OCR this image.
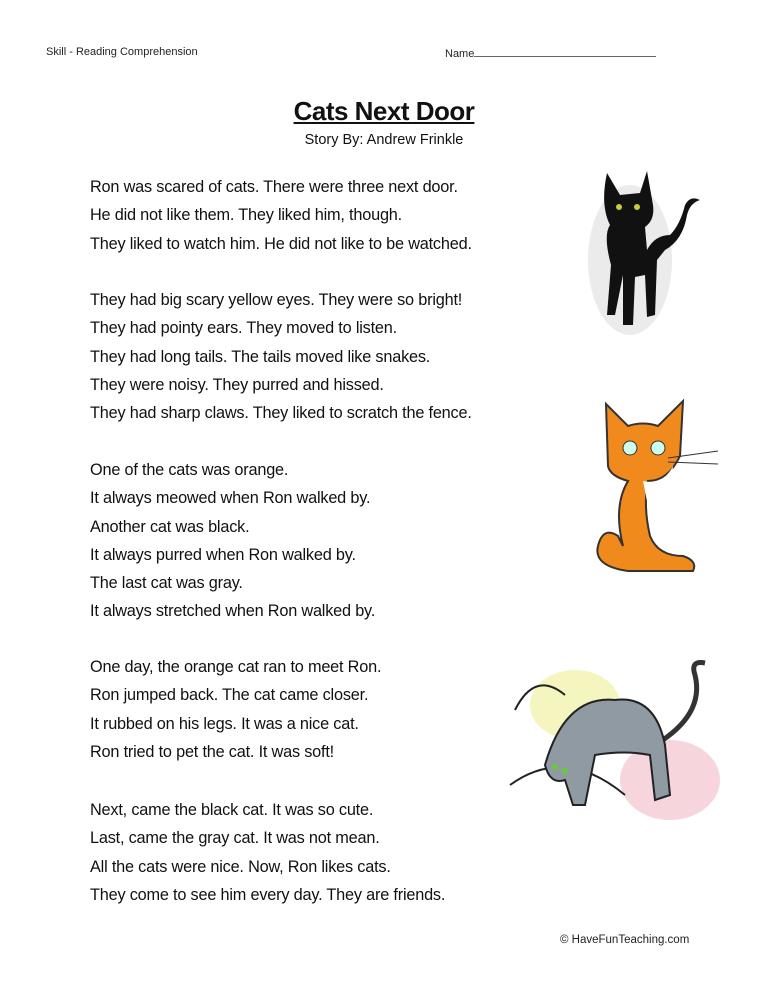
Skill - Reading Comprehension	Name
Cats Next Door
Story By: Andrew Frinkle
Ron was scared of cats. There were three next door.
He did not like them. They liked him, though.
They liked to watch him. He did not like to be watched.
They had big scary yellow eyes. They were so bright!
They had pointy ears. They moved to listen.
They had long tails. The tails moved like snakes.
They were noisy. They purred and hissed.
They had sharp claws. They liked to scratch the fence.
One of the cats was orange.
It always meowed when Ron walked by.
Another cat was black.
It always purred when Ron walked by.
The last cat was gray.
It always stretched when Ron walked by.
One day, the orange cat ran to meet Ron.
Ron jumped back. The cat came closer.
It rubbed on his legs. It was a nice cat.
Ron tried to pet the cat. It was soft!
Next, came the black cat. It was so cute.
Last, came the gray cat. It was not mean.
All the cats were nice. Now, Ron likes cats.
They come to see him every day. They are friends.
© HaveFunTeaching.com
